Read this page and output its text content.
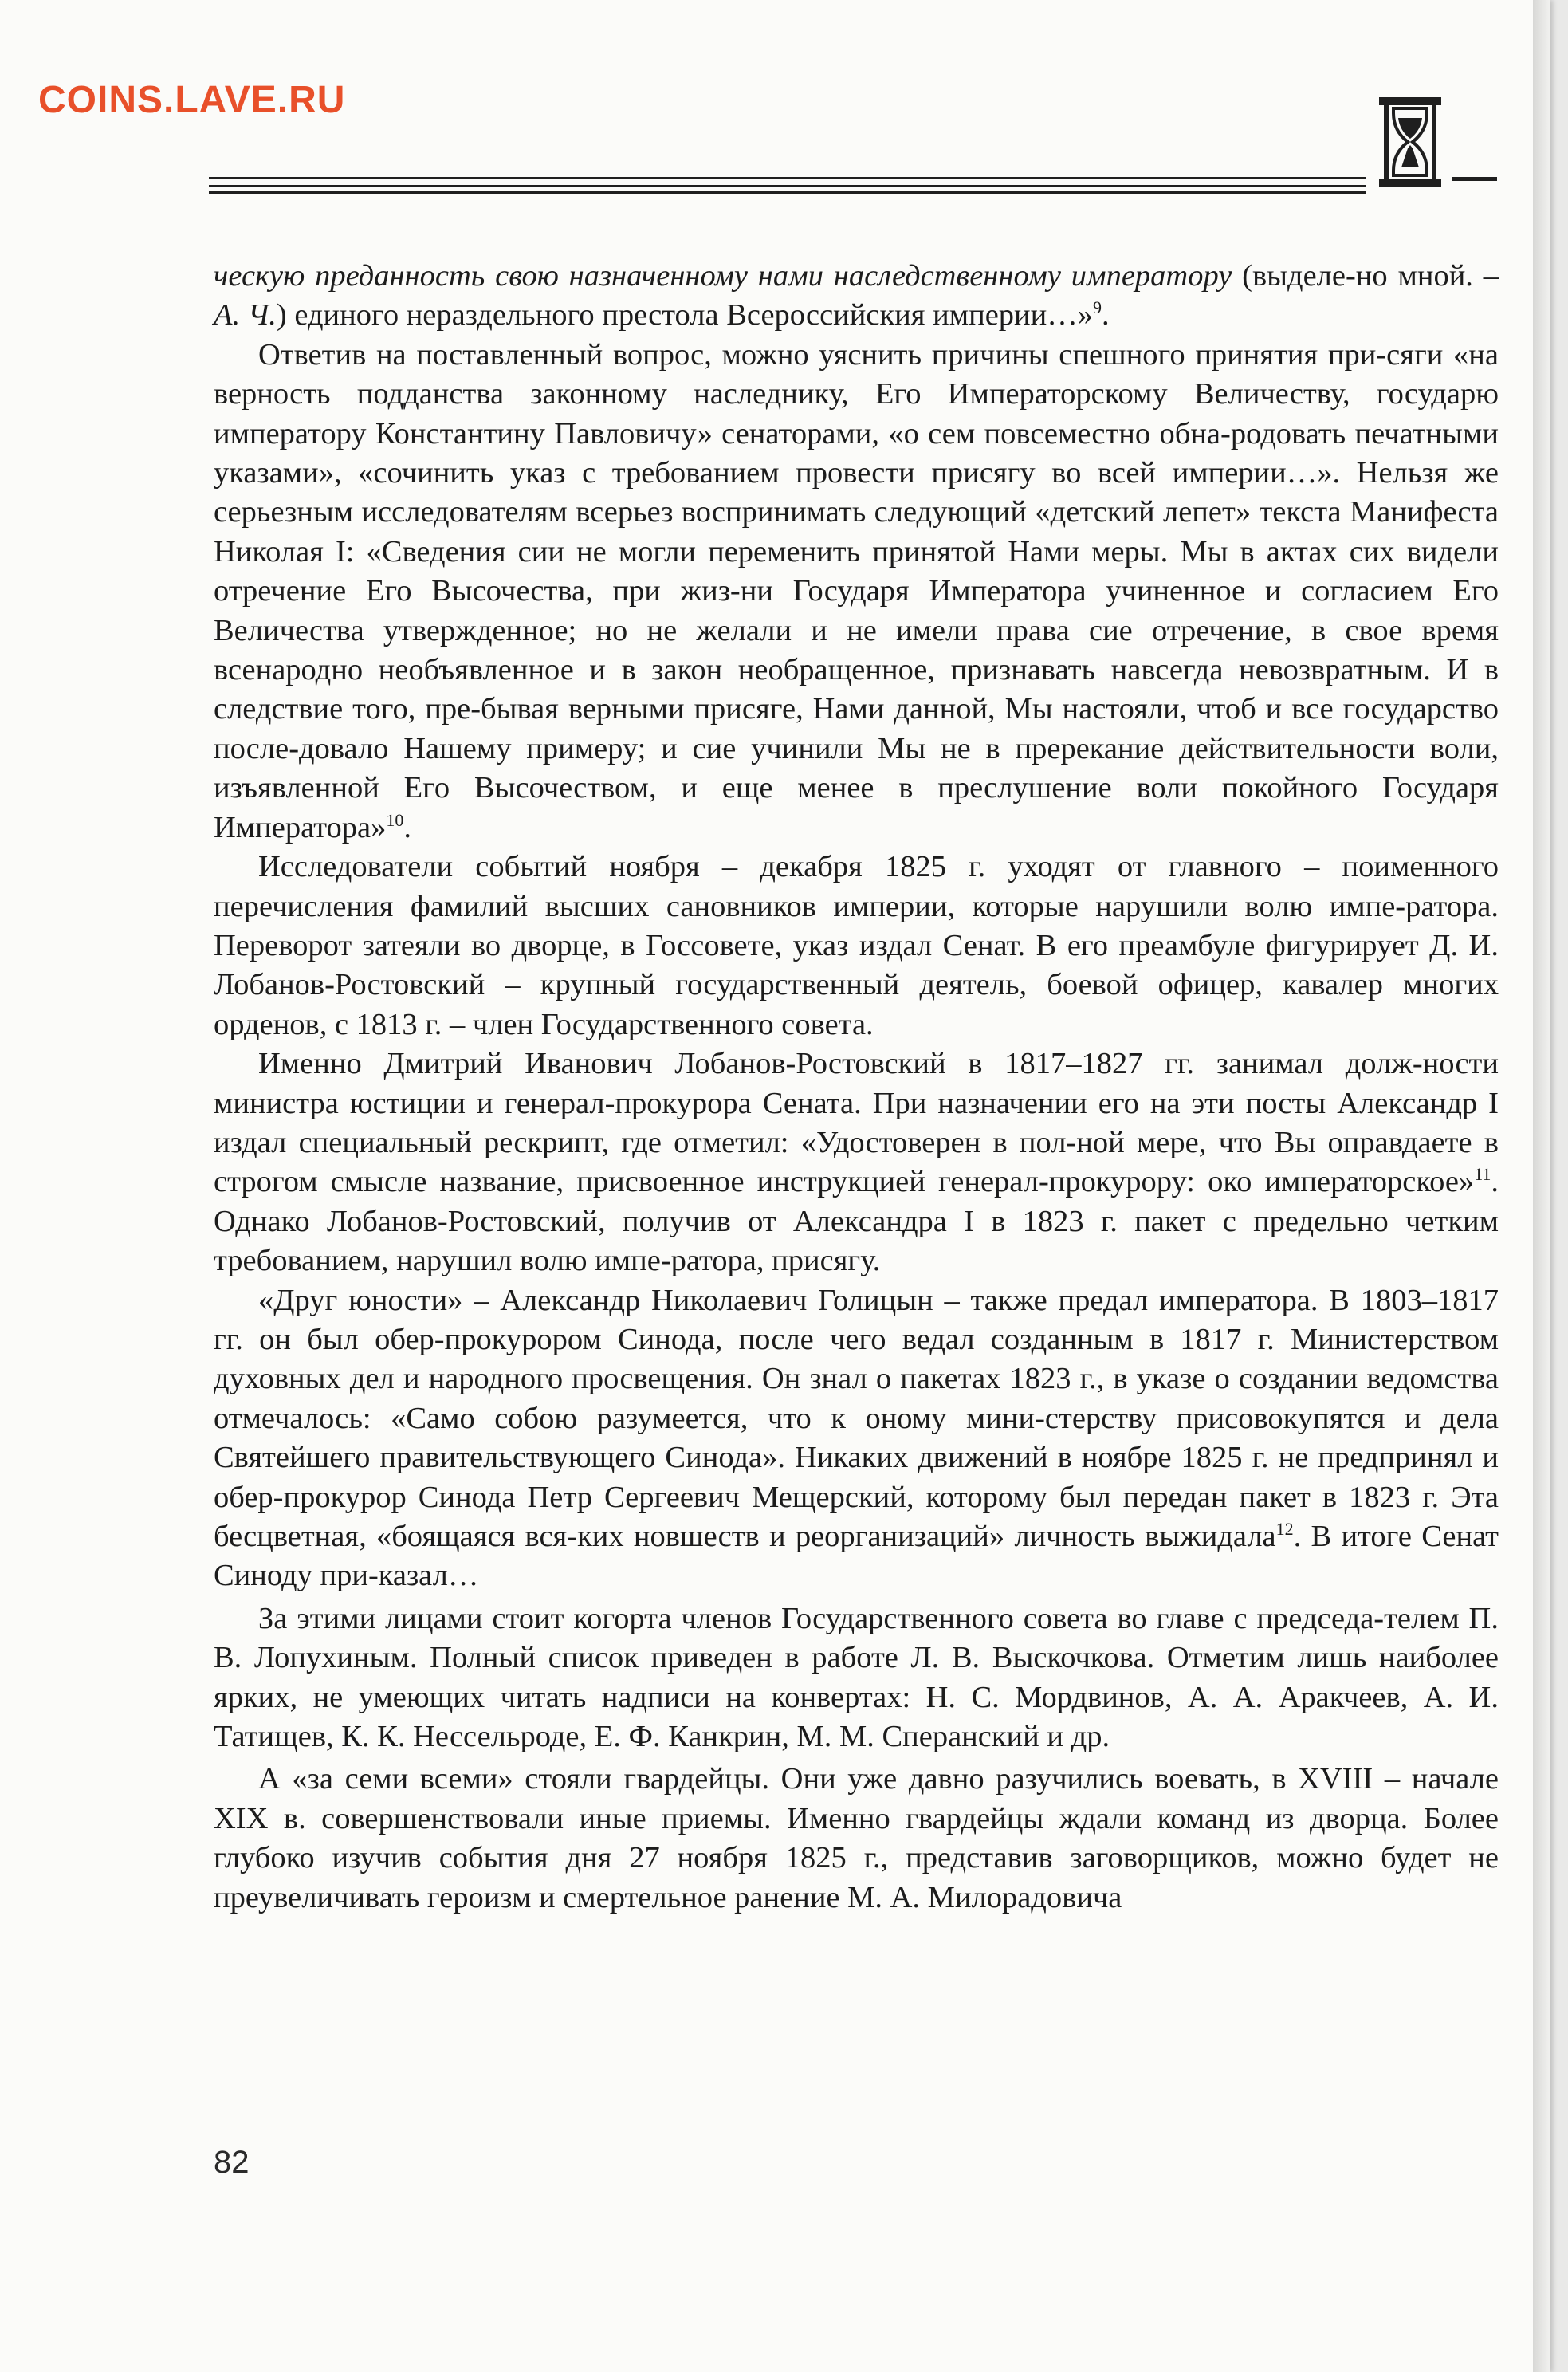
COINS.LAVE.RU

ческую преданность свою назначенному нами наследственному императору (выделе-но мной. – А. Ч.) единого нераздельного престола Всероссийския империи…»$^9$.

Ответив на поставленный вопрос, можно уяснить причины спешного принятия при-сяги «на верность подданства законному наследнику, Его Императорскому Величеству, государю императору Константину Павловичу» сенаторами, «о сем повсеместно обна-родовать печатными указами», «сочинить указ с требованием провести присягу во всей империи…». Нельзя же серьезным исследователям всерьез воспринимать следующий «детский лепет» текста Манифеста Николая I: «Сведения сии не могли переменить принятой Нами меры. Мы в актах сих видели отречение Его Высочества, при жиз-ни Государя Императора учиненное и согласием Его Величества утвержденное; но не желали и не имели права сие отречение, в свое время всенародно необъявленное и в закон необращенное, признавать навсегда невозвратным. И в следствие того, пре-бывая верными присяге, Нами данной, Мы настояли, чтоб и все государство после-довало Нашему примеру; и сие учинили Мы не в пререкание действительности воли, изъявленной Его Высочеством, и еще менее в преслушение воли покойного Государя Императора»$^{10}$.

Исследователи событий ноября – декабря 1825 г. уходят от главного – поименного перечисления фамилий высших сановников империи, которые нарушили волю импе-ратора. Переворот затеяли во дворце, в Госсовете, указ издал Сенат. В его преамбуле фигурирует Д. И. Лобанов-Ростовский – крупный государственный деятель, боевой офицер, кавалер многих орденов, с 1813 г. – член Государственного совета.

Именно Дмитрий Иванович Лобанов-Ростовский в 1817–1827 гг. занимал долж-ности министра юстиции и генерал-прокурора Сената. При назначении его на эти посты Александр I издал специальный рескрипт, где отметил: «Удостоверен в пол-ной мере, что Вы оправдаете в строгом смысле название, присвоенное инструкцией генерал-прокурору: око императорское»$^{11}$. Однако Лобанов-Ростовский, получив от Александра I в 1823 г. пакет с предельно четким требованием, нарушил волю импе-ратора, присягу.

«Друг юности» – Александр Николаевич Голицын – также предал императора. В 1803–1817 гг. он был обер-прокурором Синода, после чего ведал созданным в 1817 г. Министерством духовных дел и народного просвещения. Он знал о пакетах 1823 г., в указе о создании ведомства отмечалось: «Само собою разумеется, что к оному мини-стерству присовокупятся и дела Святейшего правительствующего Синода». Никаких движений в ноябре 1825 г. не предпринял и обер-прокурор Синода Петр Сергеевич Мещерский, которому был передан пакет в 1823 г. Эта бесцветная, «боящаяся вся-ких новшеств и реорганизаций» личность выжидала$^{12}$. В итоге Сенат Синоду при-казал…

За этими лицами стоит когорта членов Государственного совета во главе с председа-телем П. В. Лопухиным. Полный список приведен в работе Л. В. Выскочкова. Отметим лишь наиболее ярких, не умеющих читать надписи на конвертах: Н. С. Мордвинов, А. А. Аракчеев, А. И. Татищев, К. К. Нессельроде, Е. Ф. Канкрин, М. М. Сперанский и др.

А «за семи всеми» стояли гвардейцы. Они уже давно разучились воевать, в XVIII – начале XIX в. совершенствовали иные приемы. Именно гвардейцы ждали команд из дворца. Более глубоко изучив события дня 27 ноября 1825 г., представив заговорщиков, можно будет не преувеличивать героизм и смертельное ранение М. А. Милорадовича

82
